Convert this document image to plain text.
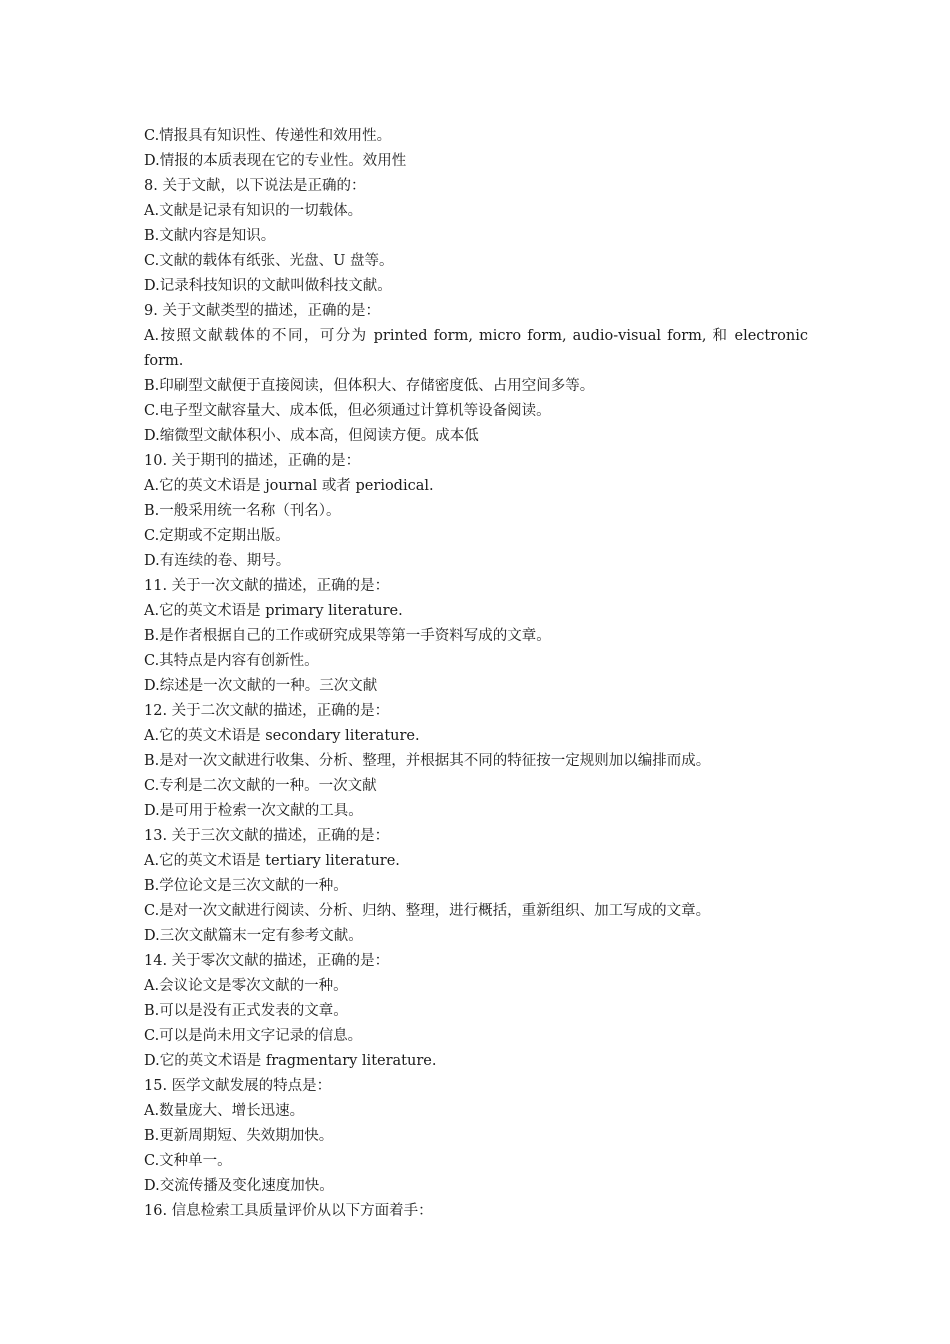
C.情报具有知识性、传递性和效用性。
D.情报的本质表现在它的专业性。效用性
8. 关于文献，以下说法是正确的：
A.文献是记录有知识的一切载体。
B.文献内容是知识。
C.文献的载体有纸张、光盘、U 盘等。
D.记录科技知识的文献叫做科技文献。
9. 关于文献类型的描述，正确的是：
A.按照文献载体的不同，可分为 printed form, micro form, audio-visual form, 和 electronic form.
B.印刷型文献便于直接阅读，但体积大、存储密度低、占用空间多等。
C.电子型文献容量大、成本低，但必须通过计算机等设备阅读。
D.缩微型文献体积小、成本高，但阅读方便。成本低
10. 关于期刊的描述，正确的是：
A.它的英文术语是 journal 或者 periodical.
B.一般采用统一名称（刊名）。
C.定期或不定期出版。
D.有连续的卷、期号。
11. 关于一次文献的描述，正确的是：
A.它的英文术语是 primary literature.
B.是作者根据自己的工作或研究成果等第一手资料写成的文章。
C.其特点是内容有创新性。
D.综述是一次文献的一种。三次文献
12. 关于二次文献的描述，正确的是：
A.它的英文术语是 secondary literature.
B.是对一次文献进行收集、分析、整理，并根据其不同的特征按一定规则加以编排而成。
C.专利是二次文献的一种。一次文献
D.是可用于检索一次文献的工具。
13. 关于三次文献的描述，正确的是：
A.它的英文术语是 tertiary literature.
B.学位论文是三次文献的一种。
C.是对一次文献进行阅读、分析、归纳、整理，进行概括，重新组织、加工写成的文章。
D.三次文献篇末一定有参考文献。
14. 关于零次文献的描述，正确的是：
A.会议论文是零次文献的一种。
B.可以是没有正式发表的文章。
C.可以是尚未用文字记录的信息。
D.它的英文术语是 fragmentary literature.
15. 医学文献发展的特点是：
A.数量庞大、增长迅速。
B.更新周期短、失效期加快。
C.文种单一。
D.交流传播及变化速度加快。
16. 信息检索工具质量评价从以下方面着手：
